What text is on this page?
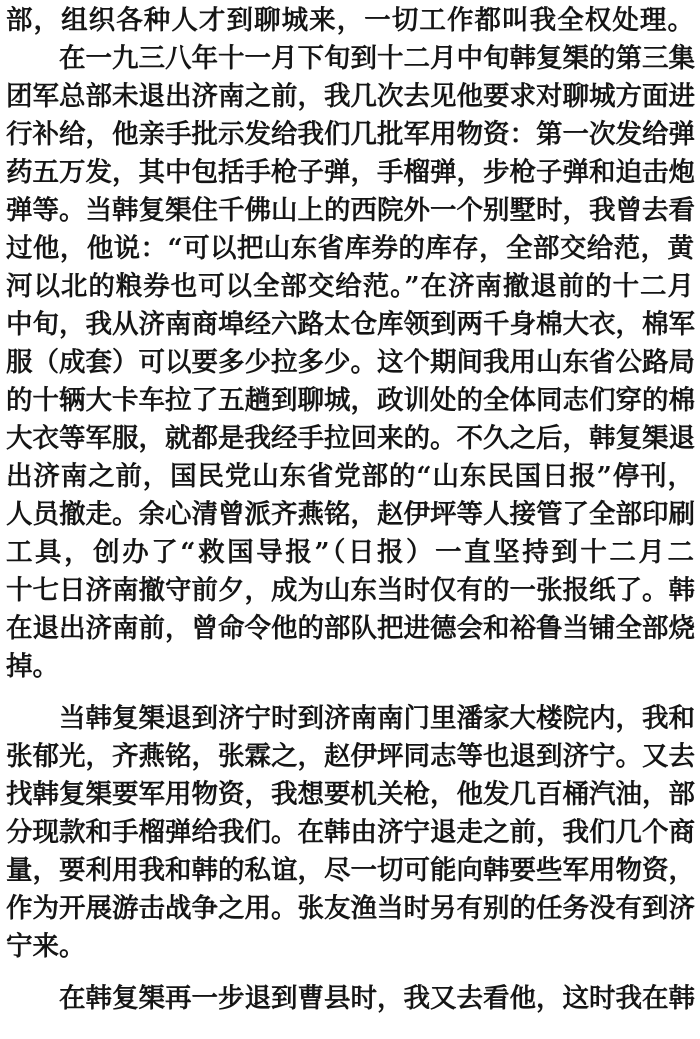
部，组织各种人才到聊城来，一切工作都叫我全权处理。
在一九三八年十一月下旬到十二月中旬韩复榘的第三集
团军总部未退出济南之前，我几次去见他要求对聊城方面进
行补给，他亲手批示发给我们几批军用物资：第一次发给弹
药五万发，其中包括手枪子弹，手榴弹，步枪子弹和迫击炮
弹等。当韩复榘住千佛山上的西院外一个别墅时，我曾去看
过他，他说：“可以把山东省库券的库存，全部交给范，黄
河以北的粮券也可以全部交给范。”在济南撤退前的十二月
中旬，我从济南商埠经六路太仓库领到两千身棉大衣，棉军
服（成套）可以要多少拉多少。这个期间我用山东省公路局
的十辆大卡车拉了五趟到聊城，政训处的全体同志们穿的棉
大衣等军服，就都是我经手拉回来的。不久之后，韩复榘退
出济南之前，国民党山东省党部的“山东民国日报”停刊，
人员撤走。余心清曾派齐燕铭，赵伊坪等人接管了全部印刷
工具，创办了“救国导报”（日报）一直坚持到十二月二
十七日济南撤守前夕，成为山东当时仅有的一张报纸了。韩
在退出济南前，曾命令他的部队把进德会和裕鲁当铺全部烧
掉。
当韩复榘退到济宁时到济南南门里潘家大楼院内，我和
张郁光，齐燕铭，张霖之，赵伊坪同志等也退到济宁。又去
找韩复榘要军用物资，我想要机关枪，他发几百桶汽油，部
分现款和手榴弹给我们。在韩由济宁退走之前，我们几个商
量，要利用我和韩的私谊，尽一切可能向韩要些军用物资，
作为开展游击战争之用。张友渔当时另有别的任务没有到济
宁来。
在韩复榘再一步退到曹县时，我又去看他，这时我在韩
